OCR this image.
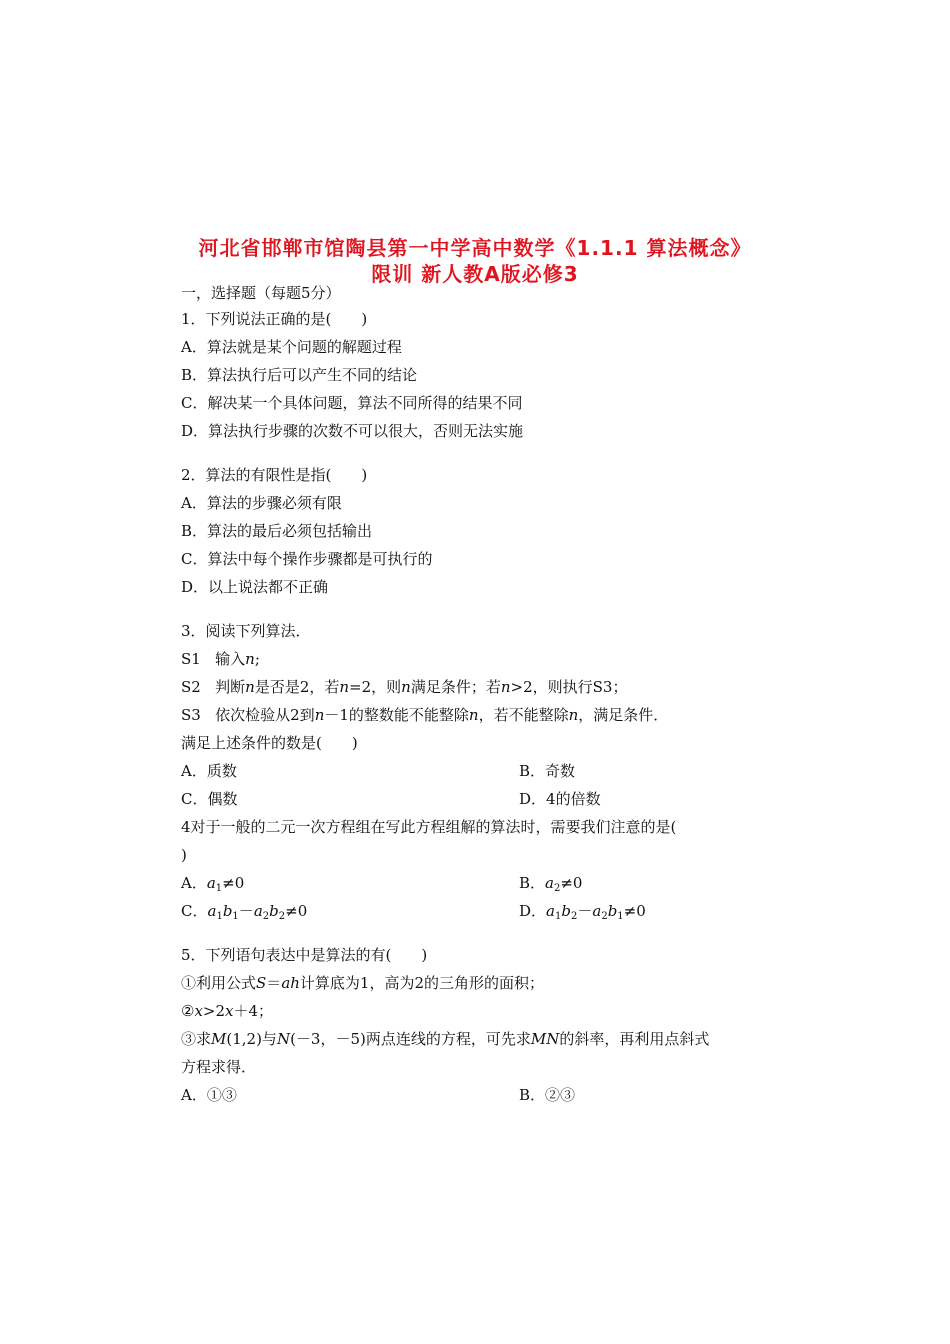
河北省邯郸市馆陶县第一中学高中数学《1.1.1 算法概念》
限训 新人教A版必修3
一，选择题（每题5分）
1．下列说法正确的是(　　)
A．算法就是某个问题的解题过程
B．算法执行后可以产生不同的结论
C．解决某一个具体问题，算法不同所得的结果不同
D．算法执行步骤的次数不可以很大，否则无法实施
2．算法的有限性是指(　　)
A．算法的步骤必须有限
B．算法的最后必须包括输出
C．算法中每个操作步骤都是可执行的
D．以上说法都不正确
3．阅读下列算法．
S1 输入n;
S2 判断n是否是2，若n=2，则n满足条件；若n>2，则执行S3；
S3 依次检验从2到n－1的整数能不能整除n，若不能整除n，满足条件．
满足上述条件的数是(　　)
A．质数	B．奇数
C．偶数	D．4的倍数
4对于一般的二元一次方程组在写此方程组解的算法时，需要我们注意的是(
)
A．$a_1\ne 0$	B．$a_2\ne 0$
C．$a_1b_1-a_2b_2\ne 0$	D．$a_1b_2-a_2b_1\ne 0$
5．下列语句表达中是算法的有(　　)
①利用公式S＝ah计算底为1，高为2的三角形的面积；
②x>2x＋4；
③求M(1,2)与N(－3，－5)两点连线的方程，可先求MN的斜率，再利用点斜式
方程求得．
A．①③	B．②③
